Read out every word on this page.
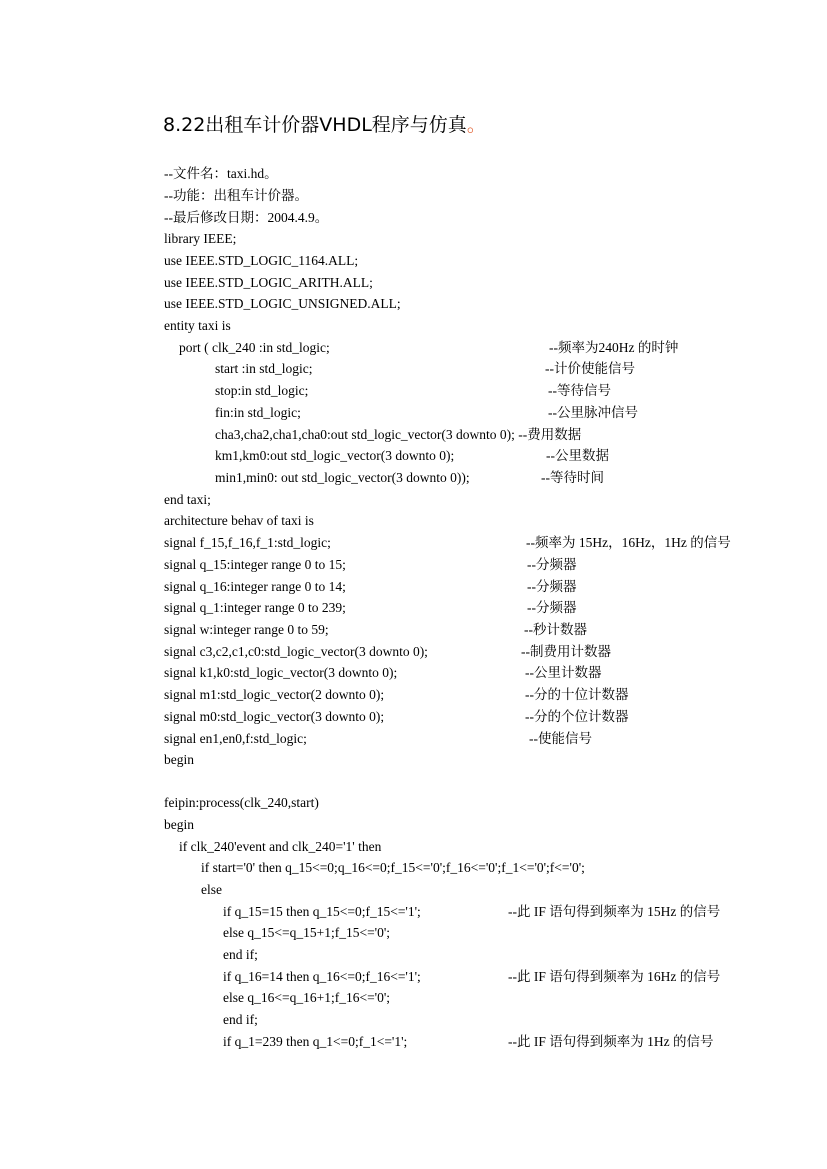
8.22出租车计价器VHDL程序与仿真。
--文件名：taxi.hd。
--功能：出租车计价器。
--最后修改日期：2004.4.9。
library IEEE;
use IEEE.STD_LOGIC_1164.ALL;
use IEEE.STD_LOGIC_ARITH.ALL;
use IEEE.STD_LOGIC_UNSIGNED.ALL;
entity taxi is
port ( clk_240 :in std_logic;	--频率为240Hz 的时钟
start :in std_logic;	--计价使能信号
stop:in std_logic;	--等待信号
fin:in std_logic;	--公里脉冲信号
cha3,cha2,cha1,cha0:out std_logic_vector(3 downto 0); --费用数据
km1,km0:out std_logic_vector(3 downto 0);	--公里数据
min1,min0: out std_logic_vector(3 downto 0));	--等待时间
end taxi;
architecture behav of taxi is
signal f_15,f_16,f_1:std_logic;	--频率为 15Hz，16Hz，1Hz 的信号
signal q_15:integer range 0 to 15;	--分频器
signal q_16:integer range 0 to 14;	--分频器
signal q_1:integer range 0 to 239;	--分频器
signal w:integer range 0 to 59;	--秒计数器
signal c3,c2,c1,c0:std_logic_vector(3 downto 0);	--制费用计数器
signal k1,k0:std_logic_vector(3 downto 0);	--公里计数器
signal m1:std_logic_vector(2 downto 0);	--分的十位计数器
signal m0:std_logic_vector(3 downto 0);	--分的个位计数器
signal en1,en0,f:std_logic;	--使能信号
begin
feipin:process(clk_240,start)
begin
if clk_240'event and clk_240='1' then
if start='0' then q_15<=0;q_16<=0;f_15<='0';f_16<='0';f_1<='0';f<='0';
else
if q_15=15 then q_15<=0;f_15<='1';	--此 IF 语句得到频率为 15Hz 的信号
else q_15<=q_15+1;f_15<='0';
end if;
if q_16=14 then q_16<=0;f_16<='1';	--此 IF 语句得到频率为 16Hz 的信号
else q_16<=q_16+1;f_16<='0';
end if;
if q_1=239 then q_1<=0;f_1<='1';	--此 IF 语句得到频率为 1Hz 的信号
